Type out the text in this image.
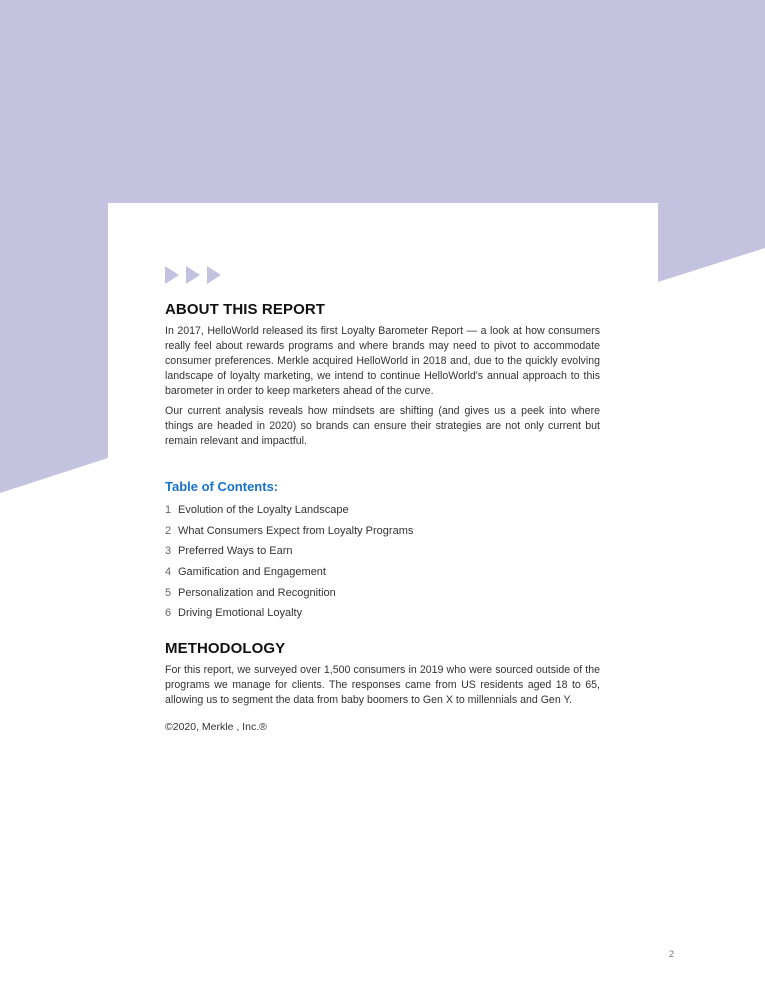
ABOUT THIS REPORT

In 2017, HelloWorld released its first Loyalty Barometer Report — a look at how consumers really feel about rewards programs and where brands may need to pivot to accommodate consumer preferences. Merkle acquired HelloWorld in 2018 and, due to the quickly evolving landscape of loyalty marketing, we intend to continue HelloWorld's annual approach to this barometer in order to keep marketers ahead of the curve.

Our current analysis reveals how mindsets are shifting (and gives us a peek into where things are headed in 2020) so brands can ensure their strategies are not only current but remain relevant and impactful.

Table of Contents:
1 Evolution of the Loyalty Landscape
2 What Consumers Expect from Loyalty Programs
3 Preferred Ways to Earn
4 Gamification and Engagement
5 Personalization and Recognition
6 Driving Emotional Loyalty
METHODOLOGY

For this report, we surveyed over 1,500 consumers in 2019 who were sourced outside of the programs we manage for clients. The responses came from US residents aged 18 to 65, allowing us to segment the data from baby boomers to Gen X to millennials and Gen Y.

©2020, Merkle , Inc.®
2
